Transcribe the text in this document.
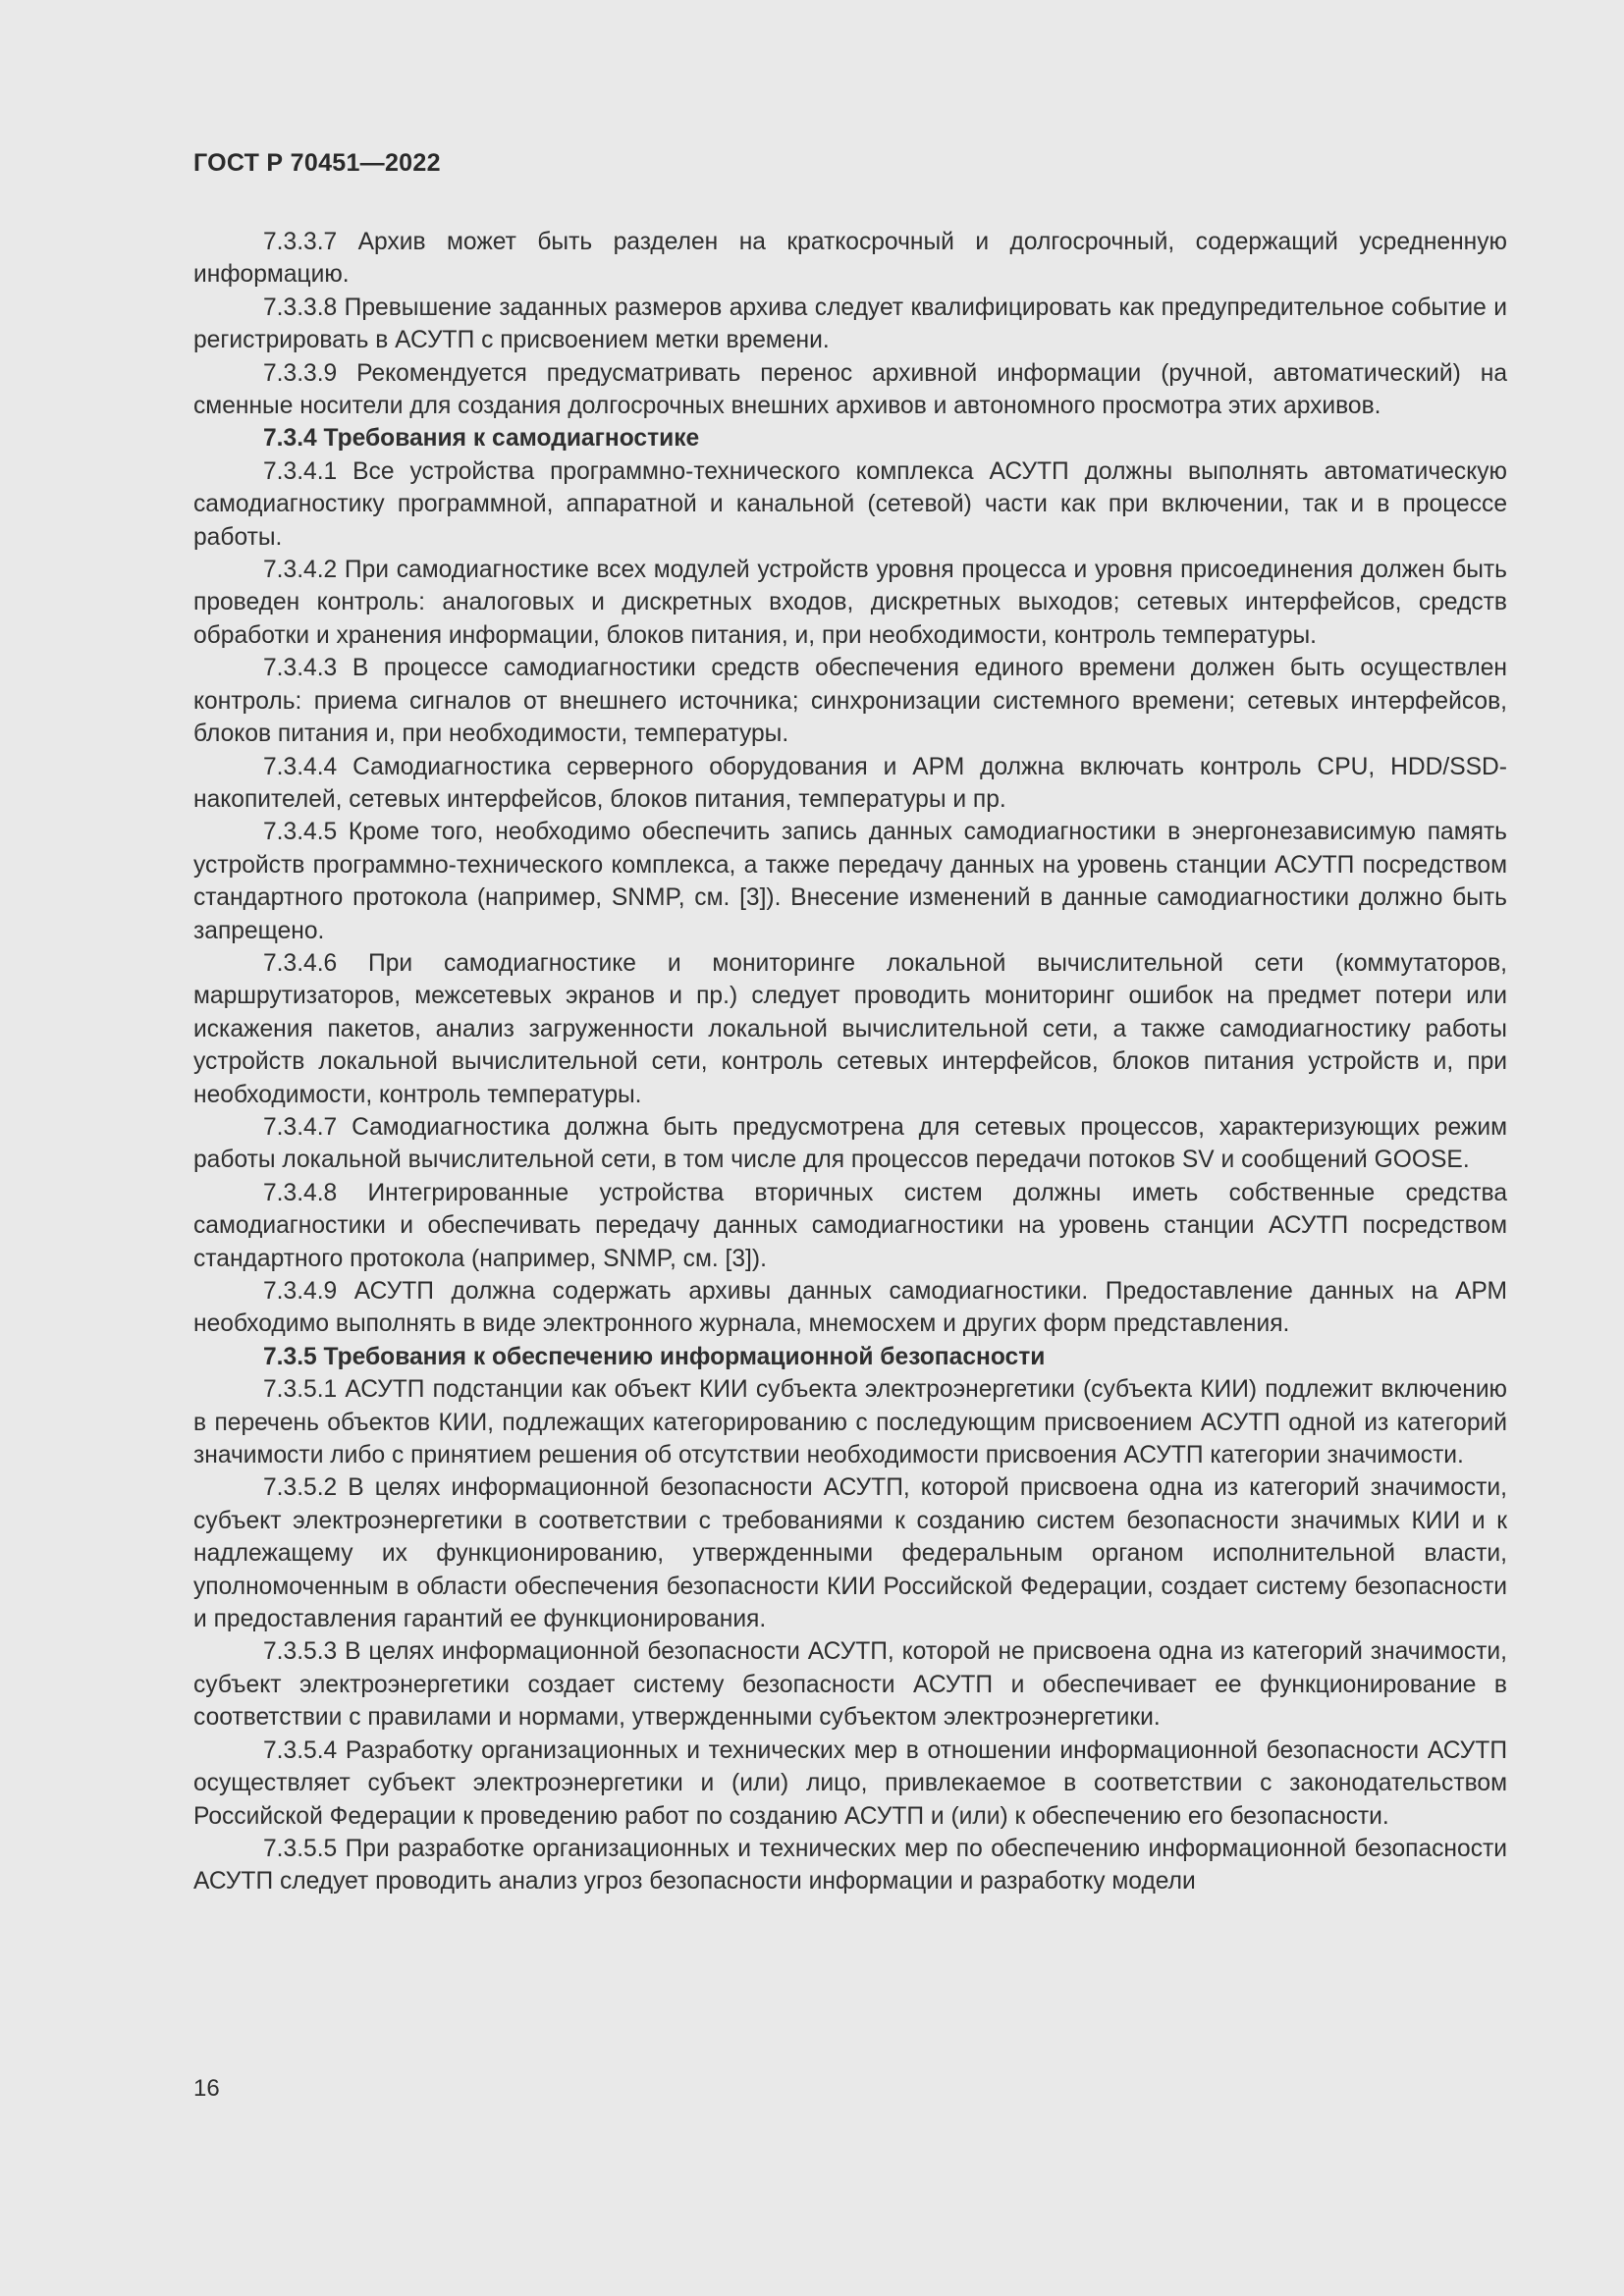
ГОСТ Р 70451—2022

7.3.3.7 Архив может быть разделен на краткосрочный и долгосрочный, содержащий усредненную информацию.

7.3.3.8 Превышение заданных размеров архива следует квалифицировать как предупредительное событие и регистрировать в АСУТП с присвоением метки времени.

7.3.3.9 Рекомендуется предусматривать перенос архивной информации (ручной, автоматический) на сменные носители для создания долгосрочных внешних архивов и автономного просмотра этих архивов.

7.3.4 Требования к самодиагностике

7.3.4.1 Все устройства программно-технического комплекса АСУТП должны выполнять автоматическую самодиагностику программной, аппаратной и канальной (сетевой) части как при включении, так и в процессе работы.

7.3.4.2 При самодиагностике всех модулей устройств уровня процесса и уровня присоединения должен быть проведен контроль: аналоговых и дискретных входов, дискретных выходов; сетевых интерфейсов, средств обработки и хранения информации, блоков питания, и, при необходимости, контроль температуры.

7.3.4.3 В процессе самодиагностики средств обеспечения единого времени должен быть осуществлен контроль: приема сигналов от внешнего источника; синхронизации системного времени; сетевых интерфейсов, блоков питания и, при необходимости, температуры.

7.3.4.4 Самодиагностика серверного оборудования и АРМ должна включать контроль CPU, HDD/SSD-накопителей, сетевых интерфейсов, блоков питания, температуры и пр.

7.3.4.5 Кроме того, необходимо обеспечить запись данных самодиагностики в энергонезависимую память устройств программно-технического комплекса, а также передачу данных на уровень станции АСУТП посредством стандартного протокола (например, SNMP, см. [3]). Внесение изменений в данные самодиагностики должно быть запрещено.

7.3.4.6 При самодиагностике и мониторинге локальной вычислительной сети (коммутаторов, маршрутизаторов, межсетевых экранов и пр.) следует проводить мониторинг ошибок на предмет потери или искажения пакетов, анализ загруженности локальной вычислительной сети, а также самодиагностику работы устройств локальной вычислительной сети, контроль сетевых интерфейсов, блоков питания устройств и, при необходимости, контроль температуры.

7.3.4.7 Самодиагностика должна быть предусмотрена для сетевых процессов, характеризующих режим работы локальной вычислительной сети, в том числе для процессов передачи потоков SV и сообщений GOOSE.

7.3.4.8 Интегрированные устройства вторичных систем должны иметь собственные средства самодиагностики и обеспечивать передачу данных самодиагностики на уровень станции АСУТП посредством стандартного протокола (например, SNMP, см. [3]).

7.3.4.9 АСУТП должна содержать архивы данных самодиагностики. Предоставление данных на АРМ необходимо выполнять в виде электронного журнала, мнемосхем и других форм представления.

7.3.5 Требования к обеспечению информационной безопасности

7.3.5.1 АСУТП подстанции как объект КИИ субъекта электроэнергетики (субъекта КИИ) подлежит включению в перечень объектов КИИ, подлежащих категорированию с последующим присвоением АСУТП одной из категорий значимости либо с принятием решения об отсутствии необходимости присвоения АСУТП категории значимости.

7.3.5.2 В целях информационной безопасности АСУТП, которой присвоена одна из категорий значимости, субъект электроэнергетики в соответствии с требованиями к созданию систем безопасности значимых КИИ и к надлежащему их функционированию, утвержденными федеральным органом исполнительной власти, уполномоченным в области обеспечения безопасности КИИ Российской Федерации, создает систему безопасности и предоставления гарантий ее функционирования.

7.3.5.3 В целях информационной безопасности АСУТП, которой не присвоена одна из категорий значимости, субъект электроэнергетики создает систему безопасности АСУТП и обеспечивает ее функционирование в соответствии с правилами и нормами, утвержденными субъектом электроэнергетики.

7.3.5.4 Разработку организационных и технических мер в отношении информационной безопасности АСУТП осуществляет субъект электроэнергетики и (или) лицо, привлекаемое в соответствии с законодательством Российской Федерации к проведению работ по созданию АСУТП и (или) к обеспечению его безопасности.

7.3.5.5 При разработке организационных и технических мер по обеспечению информационной безопасности АСУТП следует проводить анализ угроз безопасности информации и разработку модели

16
